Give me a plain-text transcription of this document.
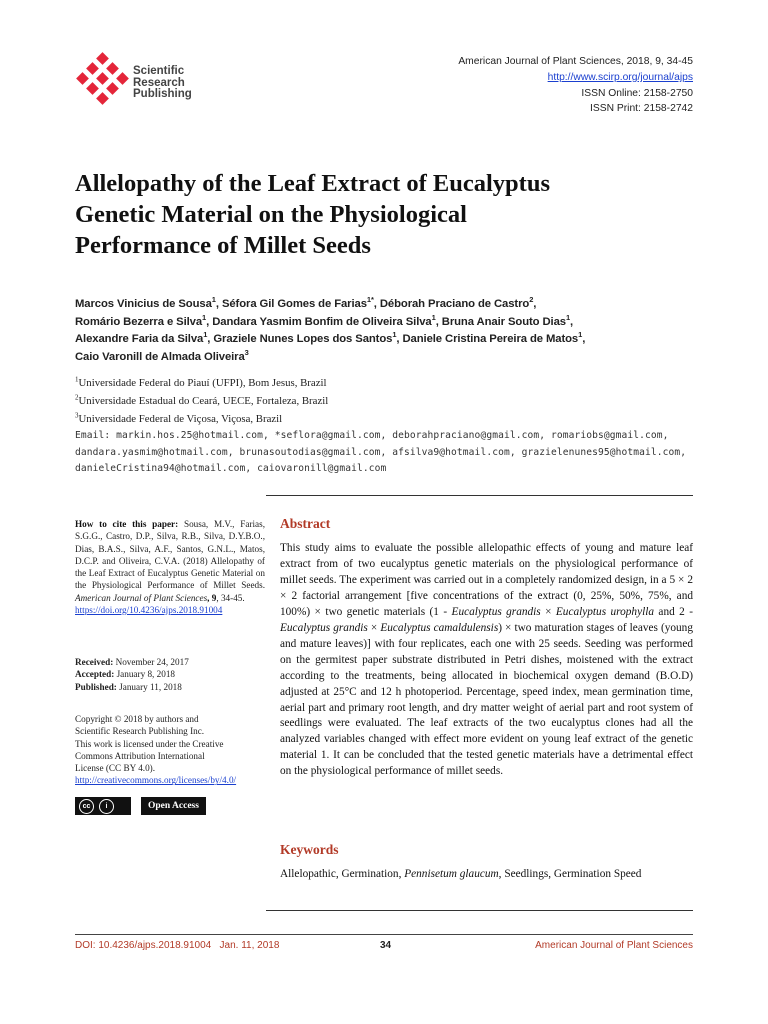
Scientific
Research
Publishing
American Journal of Plant Sciences, 2018, 9, 34-45
http://www.scirp.org/journal/ajps
ISSN Online: 2158-2750
ISSN Print: 2158-2742
Allelopathy of the Leaf Extract of Eucalyptus
Genetic Material on the Physiological
Performance of Millet Seeds
Marcos Vinicius de Sousa$^1$, Séfora Gil Gomes de Farias$^{1*}$, Déborah Praciano de Castro$^2$,
Romário Bezerra e Silva$^1$, Dandara Yasmim Bonfim de Oliveira Silva$^1$, Bruna Anair Souto Dias$^1$,
Alexandre Faria da Silva$^1$, Graziele Nunes Lopes dos Santos$^1$, Daniele Cristina Pereira de Matos$^1$,
Caio Varonill de Almada Oliveira$^3$
$^1$Universidade Federal do Piauí (UFPI), Bom Jesus, Brazil
$^2$Universidade Estadual do Ceará, UECE, Fortaleza, Brazil
$^3$Universidade Federal de Viçosa, Viçosa, Brazil
Email: markin.hos.25@hotmail.com, *seflora@gmail.com, deborahpraciano@gmail.com, romariobs@gmail.com,
dandara.yasmim@hotmail.com, brunasoutodias@gmail.com, afsilva9@hotmail.com, grazielenunes95@hotmail.com,
danieleCristina94@hotmail.com, caiovaronill@gmail.com
How to cite this paper: Sousa, M.V., Farias, S.G.G., Castro, D.P., Silva, R.B., Silva, D.Y.B.O., Dias, B.A.S., Silva, A.F., Santos, G.N.L., Matos, D.C.P. and Oliveira, C.V.A. (2018) Allelopathy of the Leaf Extract of Eucalyptus Genetic Material on the Physiological Performance of Millet Seeds. American Journal of Plant Sciences, 9, 34-45.
https://doi.org/10.4236/ajps.2018.91004
Received: November 24, 2017
Accepted: January 8, 2018
Published: January 11, 2018
Copyright © 2018 by authors and
Scientific Research Publishing Inc.
This work is licensed under the Creative
Commons Attribution International
License (CC BY 4.0).
http://creativecommons.org/licenses/by/4.0/
cc	i	Open Access
Abstract
This study aims to evaluate the possible allelopathic effects of young and mature leaf extract from of two eucalyptus genetic materials on the physiological performance of millet seeds. The experiment was carried out in a completely randomized design, in a 5 × 2 × 2 factorial arrangement [five concentrations of the extract (0, 25%, 50%, 75%, and 100%) × two genetic materials (1 - Eucalyptus grandis × Eucalyptus urophylla and 2 - Eucalyptus grandis × Eucalyptus camaldulensis) × two maturation stages of leaves (young and mature leaves)] with four replicates, each one with 25 seeds. Seeding was performed on the germitest paper substrate distributed in Petri dishes, moistened with the extract according to the treatments, being allocated in biochemical oxygen demand (B.O.D) adjusted at 25°C and 12 h photoperiod. Percentage, speed index, mean germination time, aerial part and primary root length, and dry matter weight of aerial part and root system of seedlings were evaluated. The leaf extracts of the two eucalyptus clones had all the analyzed variables changed with effect more evident on young leaf extract of the genetic material 1. It can be concluded that the tested genetic materials have a detrimental effect on the physiological performance of millet seeds.
Keywords
Allelopathic, Germination, Pennisetum glaucum, Seedlings, Germination Speed
DOI: 10.4236/ajps.2018.91004   Jan. 11, 2018	34	American Journal of Plant Sciences
